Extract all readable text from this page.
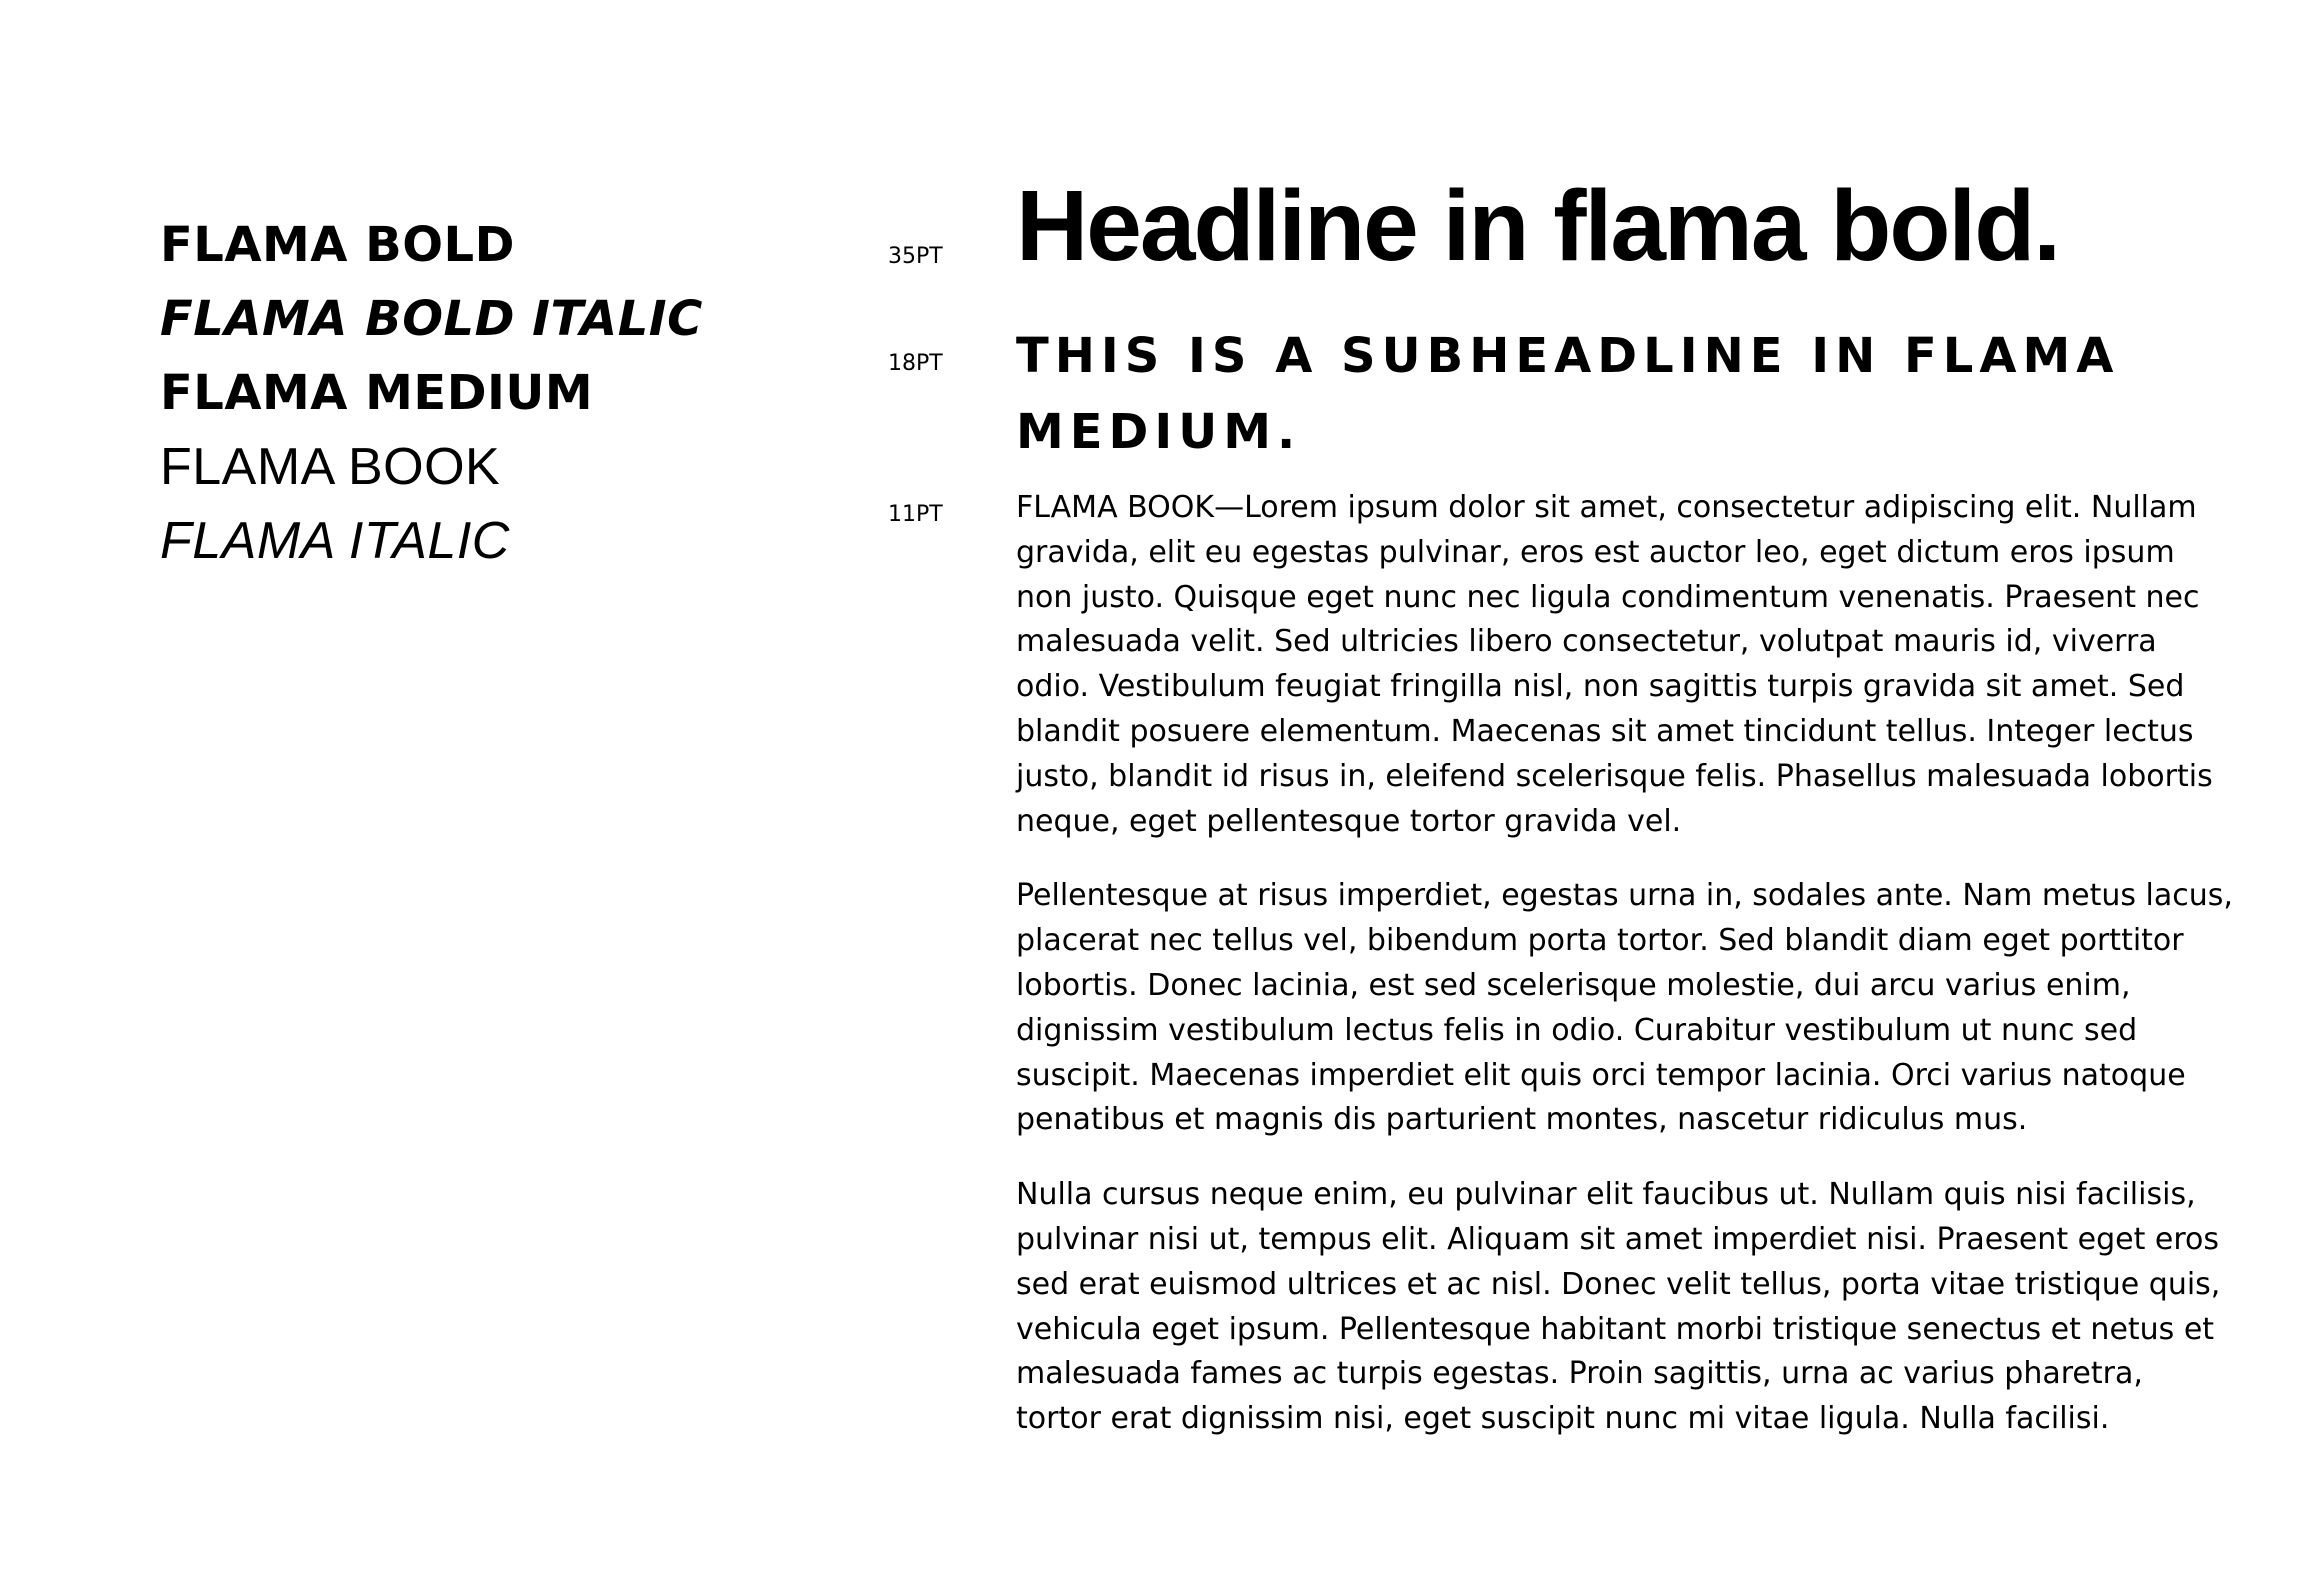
FLAMA BOLD
FLAMA BOLD ITALIC
FLAMA MEDIUM
FLAMA BOOK
FLAMA ITALIC
35PT
18PT
11PT
Headline in flama bold.
THIS IS A SUBHEADLINE IN FLAMA MEDIUM.

FLAMA BOOK—Lorem ipsum dolor sit amet, consectetur adipiscing elit. Nullam gravida, elit eu egestas pulvinar, eros est auctor leo, eget dictum eros ipsum non justo. Quisque eget nunc nec ligula condimentum venenatis. Praesent nec malesuada velit. Sed ultricies libero consectetur, volutpat mauris id, viverra odio. Vestibulum feugiat fringilla nisl, non sagittis turpis gravida sit amet. Sed blandit posuere elementum. Maecenas sit amet tincidunt tellus. Integer lectus justo, blandit id risus in, eleifend scelerisque felis. Phasellus malesuada lobortis neque, eget pellentesque tortor gravida vel.

Pellentesque at risus imperdiet, egestas urna in, sodales ante. Nam metus lacus, placerat nec tellus vel, bibendum porta tortor. Sed blandit diam eget porttitor lobortis. Donec lacinia, est sed scelerisque molestie, dui arcu varius enim, dignissim vestibulum lectus felis in odio. Curabitur vestibulum ut nunc sed suscipit. Maecenas imperdiet elit quis orci tempor lacinia. Orci varius natoque penatibus et magnis dis parturient montes, nascetur ridiculus mus.

Nulla cursus neque enim, eu pulvinar elit faucibus ut. Nullam quis nisi facilisis, pulvinar nisi ut, tempus elit. Aliquam sit amet imperdiet nisi. Praesent eget eros sed erat euismod ultrices et ac nisl. Donec velit tellus, porta vitae tristique quis, vehicula eget ipsum. Pellentesque habitant morbi tristique senectus et netus et malesuada fames ac turpis egestas. Proin sagittis, urna ac varius pharetra, tortor erat dignissim nisi, eget suscipit nunc mi vitae ligula. Nulla facilisi.
